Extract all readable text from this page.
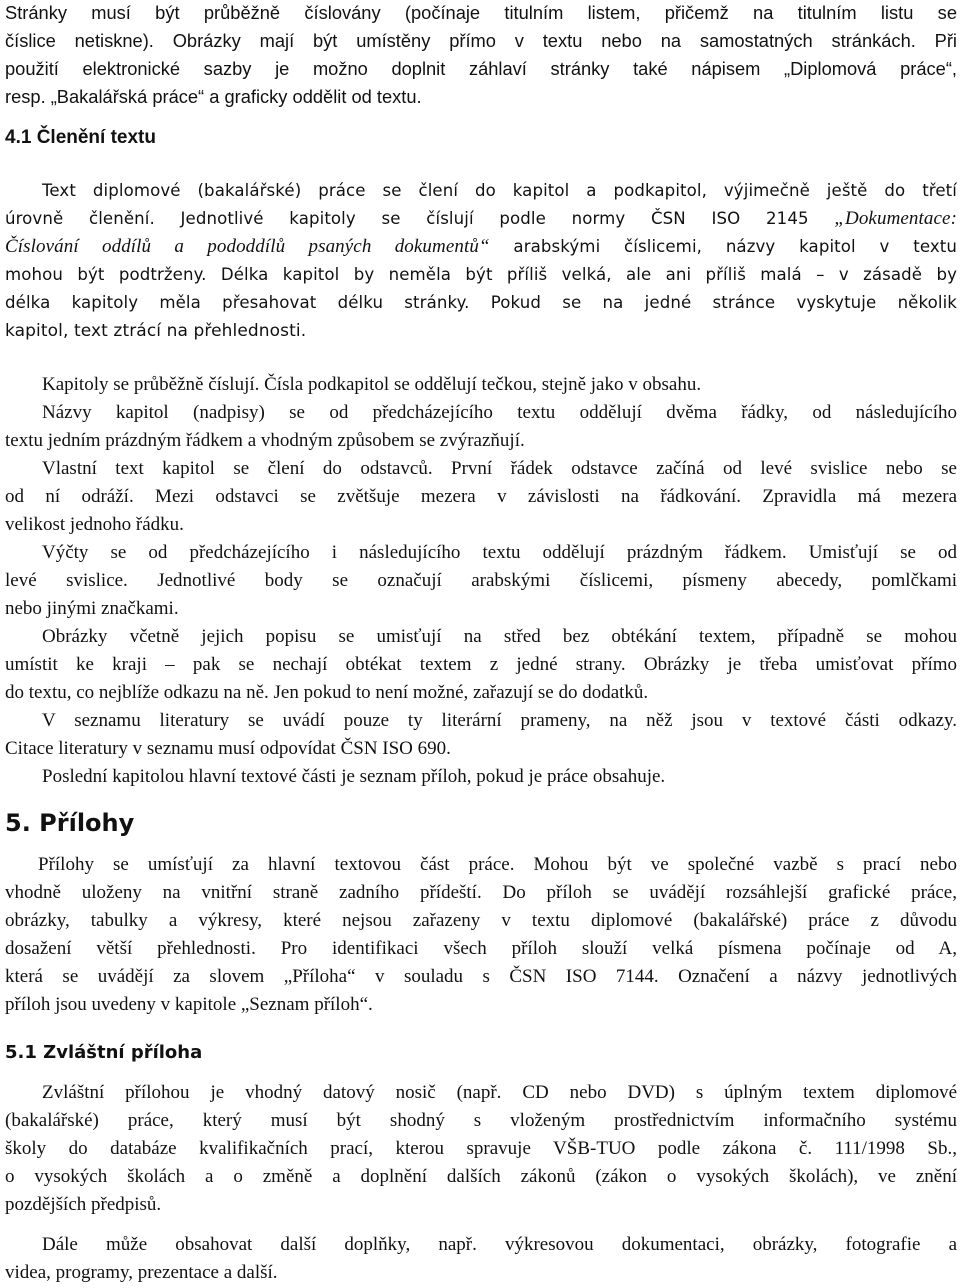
Stránky musí být průběžně číslovány (počínaje titulním listem, přičemž na titulním listu se
číslice netiskne). Obrázky mají být umístěny přímo v textu nebo na samostatných stránkách. Při
použití elektronické sazby je možno doplnit záhlaví stránky také nápisem „Diplomová práce“,
resp. „Bakalářská práce“ a graficky oddělit od textu.
4.1 Členění textu
Text diplomové (bakalářské) práce se člení do kapitol a podkapitol, výjimečně ještě do třetí
úrovně členění. Jednotlivé kapitoly se číslují podle normy ČSN ISO 2145 „Dokumentace:
Číslování oddílů a pododdílů psaných dokumentů“ arabskými číslicemi, názvy kapitol v textu
mohou být podtrženy. Délka kapitol by neměla být příliš velká, ale ani příliš malá – v zásadě by
délka kapitoly měla přesahovat délku stránky. Pokud se na jedné stránce vyskytuje několik
kapitol, text ztrácí na přehlednosti.
Kapitoly se průběžně číslují. Čísla podkapitol se oddělují tečkou, stejně jako v obsahu.
Názvy kapitol (nadpisy) se od předcházejícího textu oddělují dvěma řádky, od následujícího
textu jedním prázdným řádkem a vhodným způsobem se zvýrazňují.
Vlastní text kapitol se člení do odstavců. První řádek odstavce začíná od levé svislice nebo se
od ní odráží. Mezi odstavci se zvětšuje mezera v závislosti na řádkování. Zpravidla má mezera
velikost jednoho řádku.
Výčty se od předcházejícího i následujícího textu oddělují prázdným řádkem. Umisťují se od
levé svislice. Jednotlivé body se označují arabskými číslicemi, písmeny abecedy, pomlčkami
nebo jinými značkami.
Obrázky včetně jejich popisu se umisťují na střed bez obtékání textem, případně se mohou
umístit ke kraji – pak se nechají obtékat textem z jedné strany. Obrázky je třeba umisťovat přímo
do textu, co nejblíže odkazu na ně. Jen pokud to není možné, zařazují se do dodatků.
V seznamu literatury se uvádí pouze ty literární prameny, na něž jsou v textové části odkazy.
Citace literatury v seznamu musí odpovídat ČSN ISO 690.
Poslední kapitolou hlavní textové části je seznam příloh, pokud je práce obsahuje.
5. Přílohy
Přílohy se umísťují za hlavní textovou část práce. Mohou být ve společné vazbě s prací nebo
vhodně uloženy na vnitřní straně zadního přídeští. Do příloh se uvádějí rozsáhlejší grafické práce,
obrázky, tabulky a výkresy, které nejsou zařazeny v textu diplomové (bakalářské) práce z důvodu
dosažení větší přehlednosti. Pro identifikaci všech příloh slouží velká písmena počínaje od A,
která se uvádějí za slovem „Příloha“ v souladu s ČSN ISO 7144. Označení a názvy jednotlivých
příloh jsou uvedeny v kapitole „Seznam příloh“.
5.1 Zvláštní příloha
Zvláštní přílohou je vhodný datový nosič (např. CD nebo DVD) s úplným textem diplomové
(bakalářské) práce, který musí být shodný s vloženým prostřednictvím informačního systému
školy do databáze kvalifikačních prací, kterou spravuje VŠB-TUO podle zákona č. 111/1998 Sb.,
o vysokých školách a o změně a doplnění dalších zákonů (zákon o vysokých školách), ve znění
pozdějších předpisů.
Dále může obsahovat další doplňky, např. výkresovou dokumentaci, obrázky, fotografie a
videa, programy, prezentace a další.
